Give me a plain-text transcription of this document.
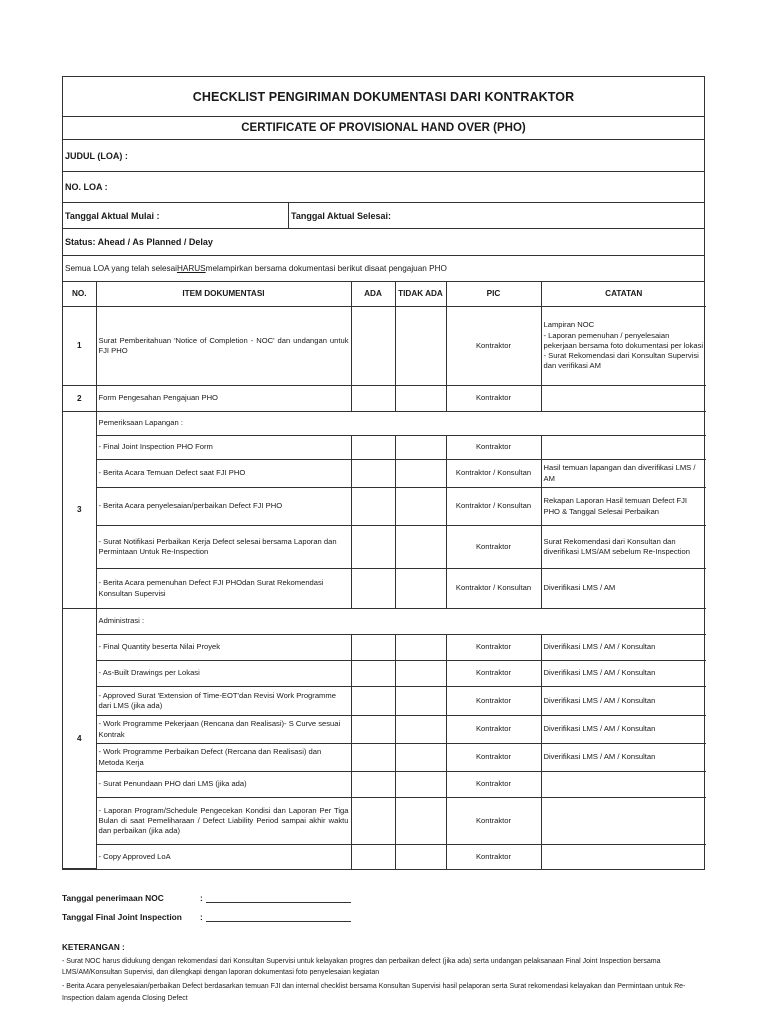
CHECKLIST PENGIRIMAN DOKUMENTASI DARI KONTRAKTOR
CERTIFICATE OF PROVISIONAL HAND OVER (PHO)
JUDUL (LOA) :
NO. LOA :
Tanggal Aktual Mulai :	Tanggal Aktual Selesai:
Status: Ahead / As Planned / Delay
Semua LOA yang telah selesai HARUS melampirkan bersama dokumentasi berikut disaat pengajuan PHO
NO.	ITEM DOKUMENTASI	ADA	TIDAK ADA	PIC	CATATAN
1	Surat Pemberitahuan 'Notice of Completion - NOC' dan undangan untuk FJI PHO			Kontraktor	Lampiran NOC
- Laporan pemenuhan / penyelesaian pekerjaan bersama foto dokumentasi per lokasi
- Surat Rekomendasi dari Konsultan Supervisi dan verifikasi AM

2	Form Pengesahan Pengajuan PHO			Kontraktor	
3	Pemeriksaan Lapangan :				
	- Final Joint Inspection PHO Form			Kontraktor	
	- Berita Acara Temuan Defect saat FJI PHO			Kontraktor / Konsultan	Hasil temuan lapangan dan diverifikasi LMS / AM
	- Berita Acara penyelesaian/perbaikan Defect FJI PHO			Kontraktor / Konsultan	Rekapan Laporan Hasil temuan Defect FJI PHO & Tanggal Selesai Perbaikan
	- Surat Notifikasi Perbaikan Kerja Defect selesai bersama Laporan dan Permintaan Untuk Re-Inspection			Kontraktor	Surat Rekomendasi dari Konsultan dan diverifikasi LMS/AM sebelum Re-Inspection
	- Berita Acara pemenuhan Defect FJI PHOdan Surat Rekomendasi Konsultan Supervisi			Kontraktor / Konsultan	Diverifikasi LMS / AM
4	Administrasi :				
	- Final Quantity beserta Nilai Proyek			Kontraktor	Diverifikasi LMS / AM / Konsultan
	- As-Built Drawings per Lokasi			Kontraktor	Diverifikasi LMS / AM / Konsultan
	- Approved Surat 'Extension of Time-EOT'dan Revisi Work Programme dari LMS (jika ada)			Kontraktor	Diverifikasi LMS / AM / Konsultan
	- Work Programme Pekerjaan (Rencana dan Realisasi)- S Curve sesuai Kontrak			Kontraktor	Diverifikasi LMS / AM / Konsultan
	- Work Programme Perbaikan Defect (Rercana dan Realisasi) dan Metoda Kerja			Kontraktor	Diverifikasi LMS / AM / Konsultan
	- Surat Penundaan PHO dari LMS (jika ada)			Kontraktor	
	- Laporan Program/Schedule Pengecekan Kondisi dan Laporan Per Tiga Bulan di saat Pemeliharaan / Defect Liability Period sampai akhir waktu dan perbaikan (jika ada)			Kontraktor	
	- Copy Approved LoA			Kontraktor	
Tanggal penerimaan NOC	:
Tanggal Final Joint Inspection	:
KETERANGAN :
- Surat NOC harus didukung dengan rekomendasi dari Konsultan Supervisi untuk kelayakan progres dan perbaikan defect (jika ada) serta undangan pelaksanaan Final Joint Inspection bersama LMS/AM/Konsultan Supervisi, dan dilengkapi dengan laporan dokumentasi foto penyelesaian kegiatan
- Berita Acara penyelesaian/perbaikan Defect berdasarkan temuan FJI dan internal checklist bersama Konsultan Supervisi hasil pelaporan serta Surat rekomendasi kelayakan dan Permintaan untuk Re-Inspection dalam agenda Closing Defect
